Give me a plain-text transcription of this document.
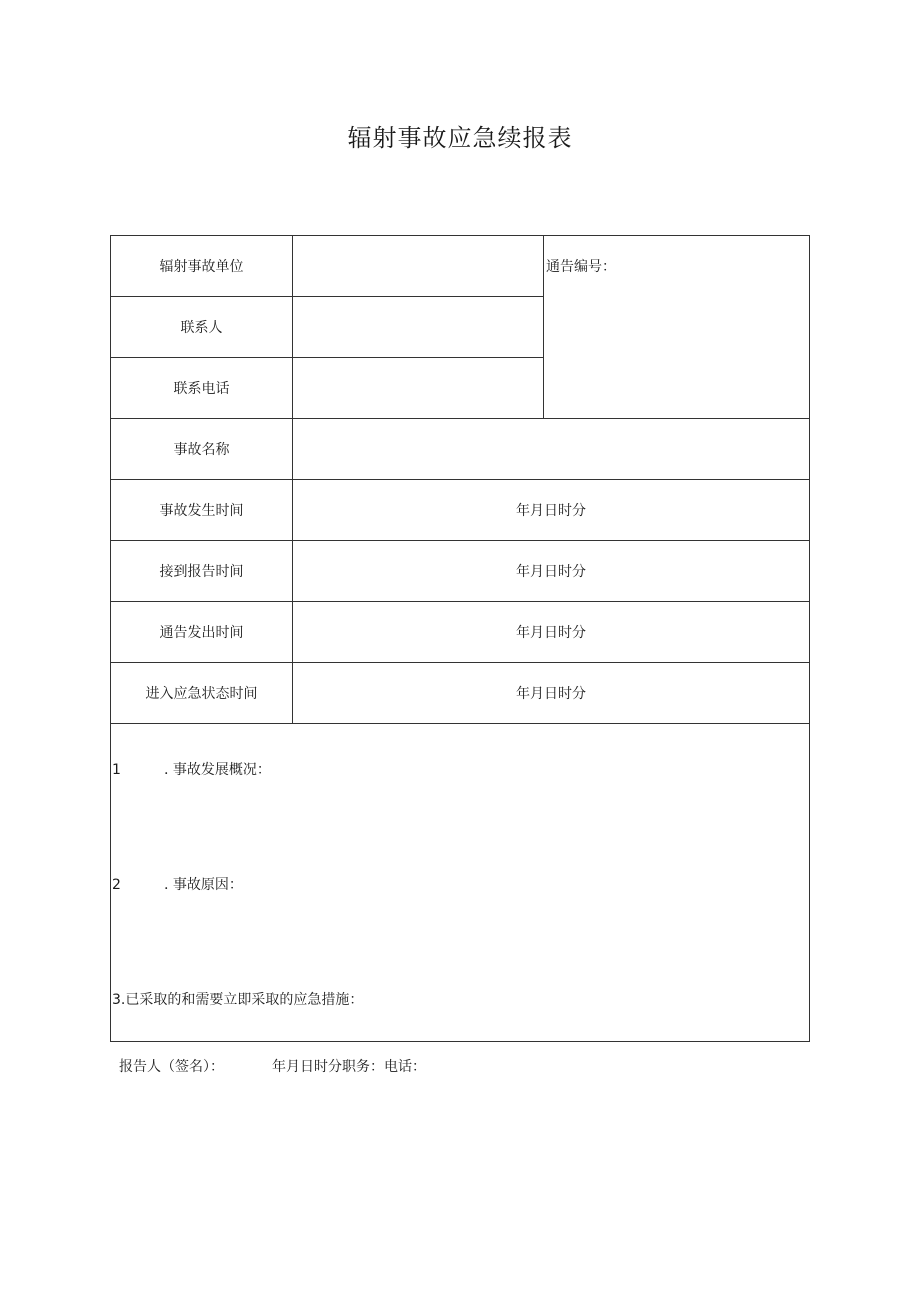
辐射事故应急续报表
辐射事故单位		通告编号：
联系人		
联系电话		
事故名称		
事故发生时间	年月日时分	
接到报告时间	年月日时分	
通告发出时间	年月日时分	
进入应急状态时间	年月日时分	

1 . 事故发展概况：
2 . 事故原因：
3.已采取的和需要立即采取的应急措施：		
报告人（签名）：	年月日时分职务：电话：
